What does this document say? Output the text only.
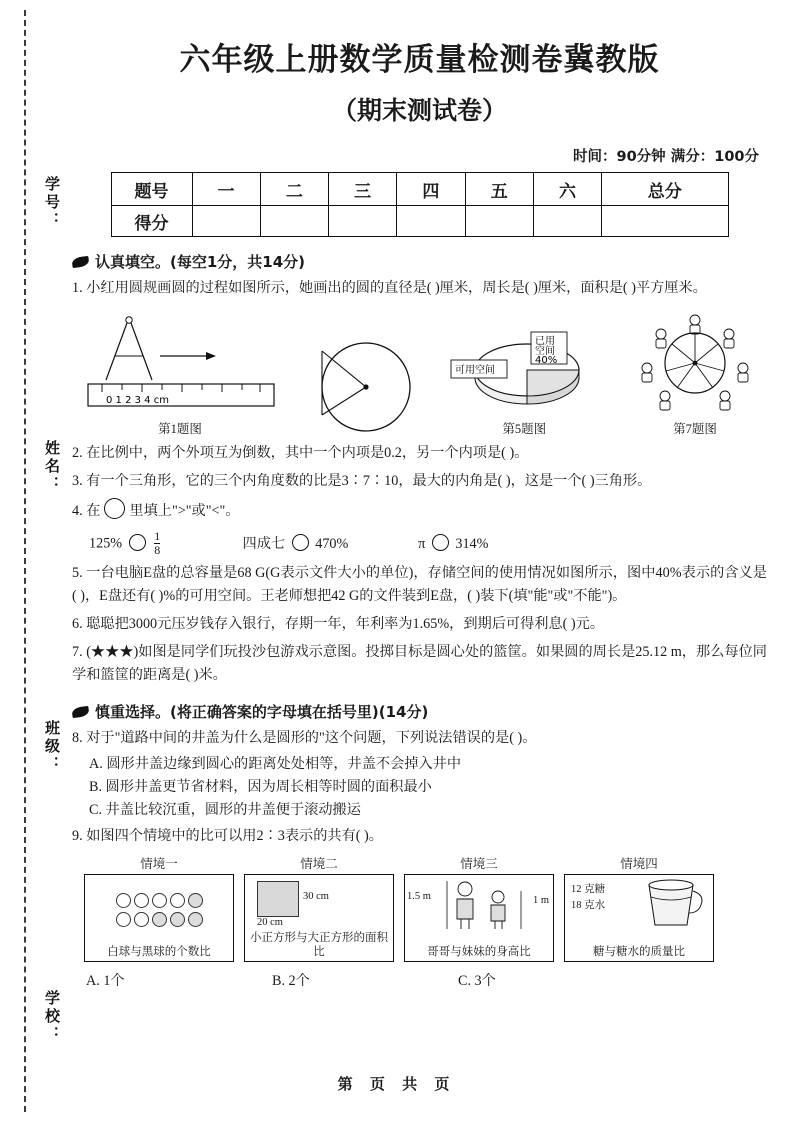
学号：
姓名：
班级：
学校：
六年级上册数学质量检测卷冀教版
（期末测试卷）
时间：90分钟 满分：100分
题号	一	二	三	四	五	六	总分
得分							
认真填空。(每空1分，共14分)
1. 小红用圆规画圆的过程如图所示，她画出的圆的直径是( )厘米，周长是( )厘米，面积是( )平方厘米。
0 1 2 3 4 cm
第1题图
已用
空间
40%
可用空间
第5题图	第7题图
2. 在比例中，两个外项互为倒数，其中一个内项是0.2，另一个内项是( )。
3. 有一个三角形，它的三个内角度数的比是3∶7∶10，最大的内角是( )，这是一个( )三角形。
4. 在 里填上">"或"<"。
125%	$\frac{1}{8}$	四成七 470%	π 314%
5. 一台电脑E盘的总容量是68 G(G表示文件大小的单位)，存储空间的使用情况如图所示，图中40%表示的含义是( )，E盘还有( )%的可用空间。王老师想把42 G的文件装到E盘，( )装下(填"能"或"不能")。
6. 聪聪把3000元压岁钱存入银行，存期一年，年利率为1.65%，到期后可得利息( )元。
7. (★★★)如图是同学们玩投沙包游戏示意图。投掷目标是圆心处的篮筐。如果圆的周长是25.12 m，那么每位同学和篮筐的距离是( )米。
慎重选择。(将正确答案的字母填在括号里)(14分)
8. 对于"道路中间的井盖为什么是圆形的"这个问题，下列说法错误的是( )。
A. 圆形井盖边缘到圆心的距离处处相等，井盖不会掉入井中
B. 圆形井盖更节省材料，因为周长相等时圆的面积最小
C. 井盖比较沉重，圆形的井盖便于滚动搬运
9. 如图四个情境中的比可以用2∶3表示的共有( )。
情境一
白球与黑球的个数比
情境二
30 cm
20 cm
小正方形与大正方形的面积比
情境三
1.5 m	1 m
哥哥与妹妹的身高比
情境四
12 克糖
18 克水
糖与糖水的质量比
A. 1个	B. 2个	C. 3个
第 页 共 页
